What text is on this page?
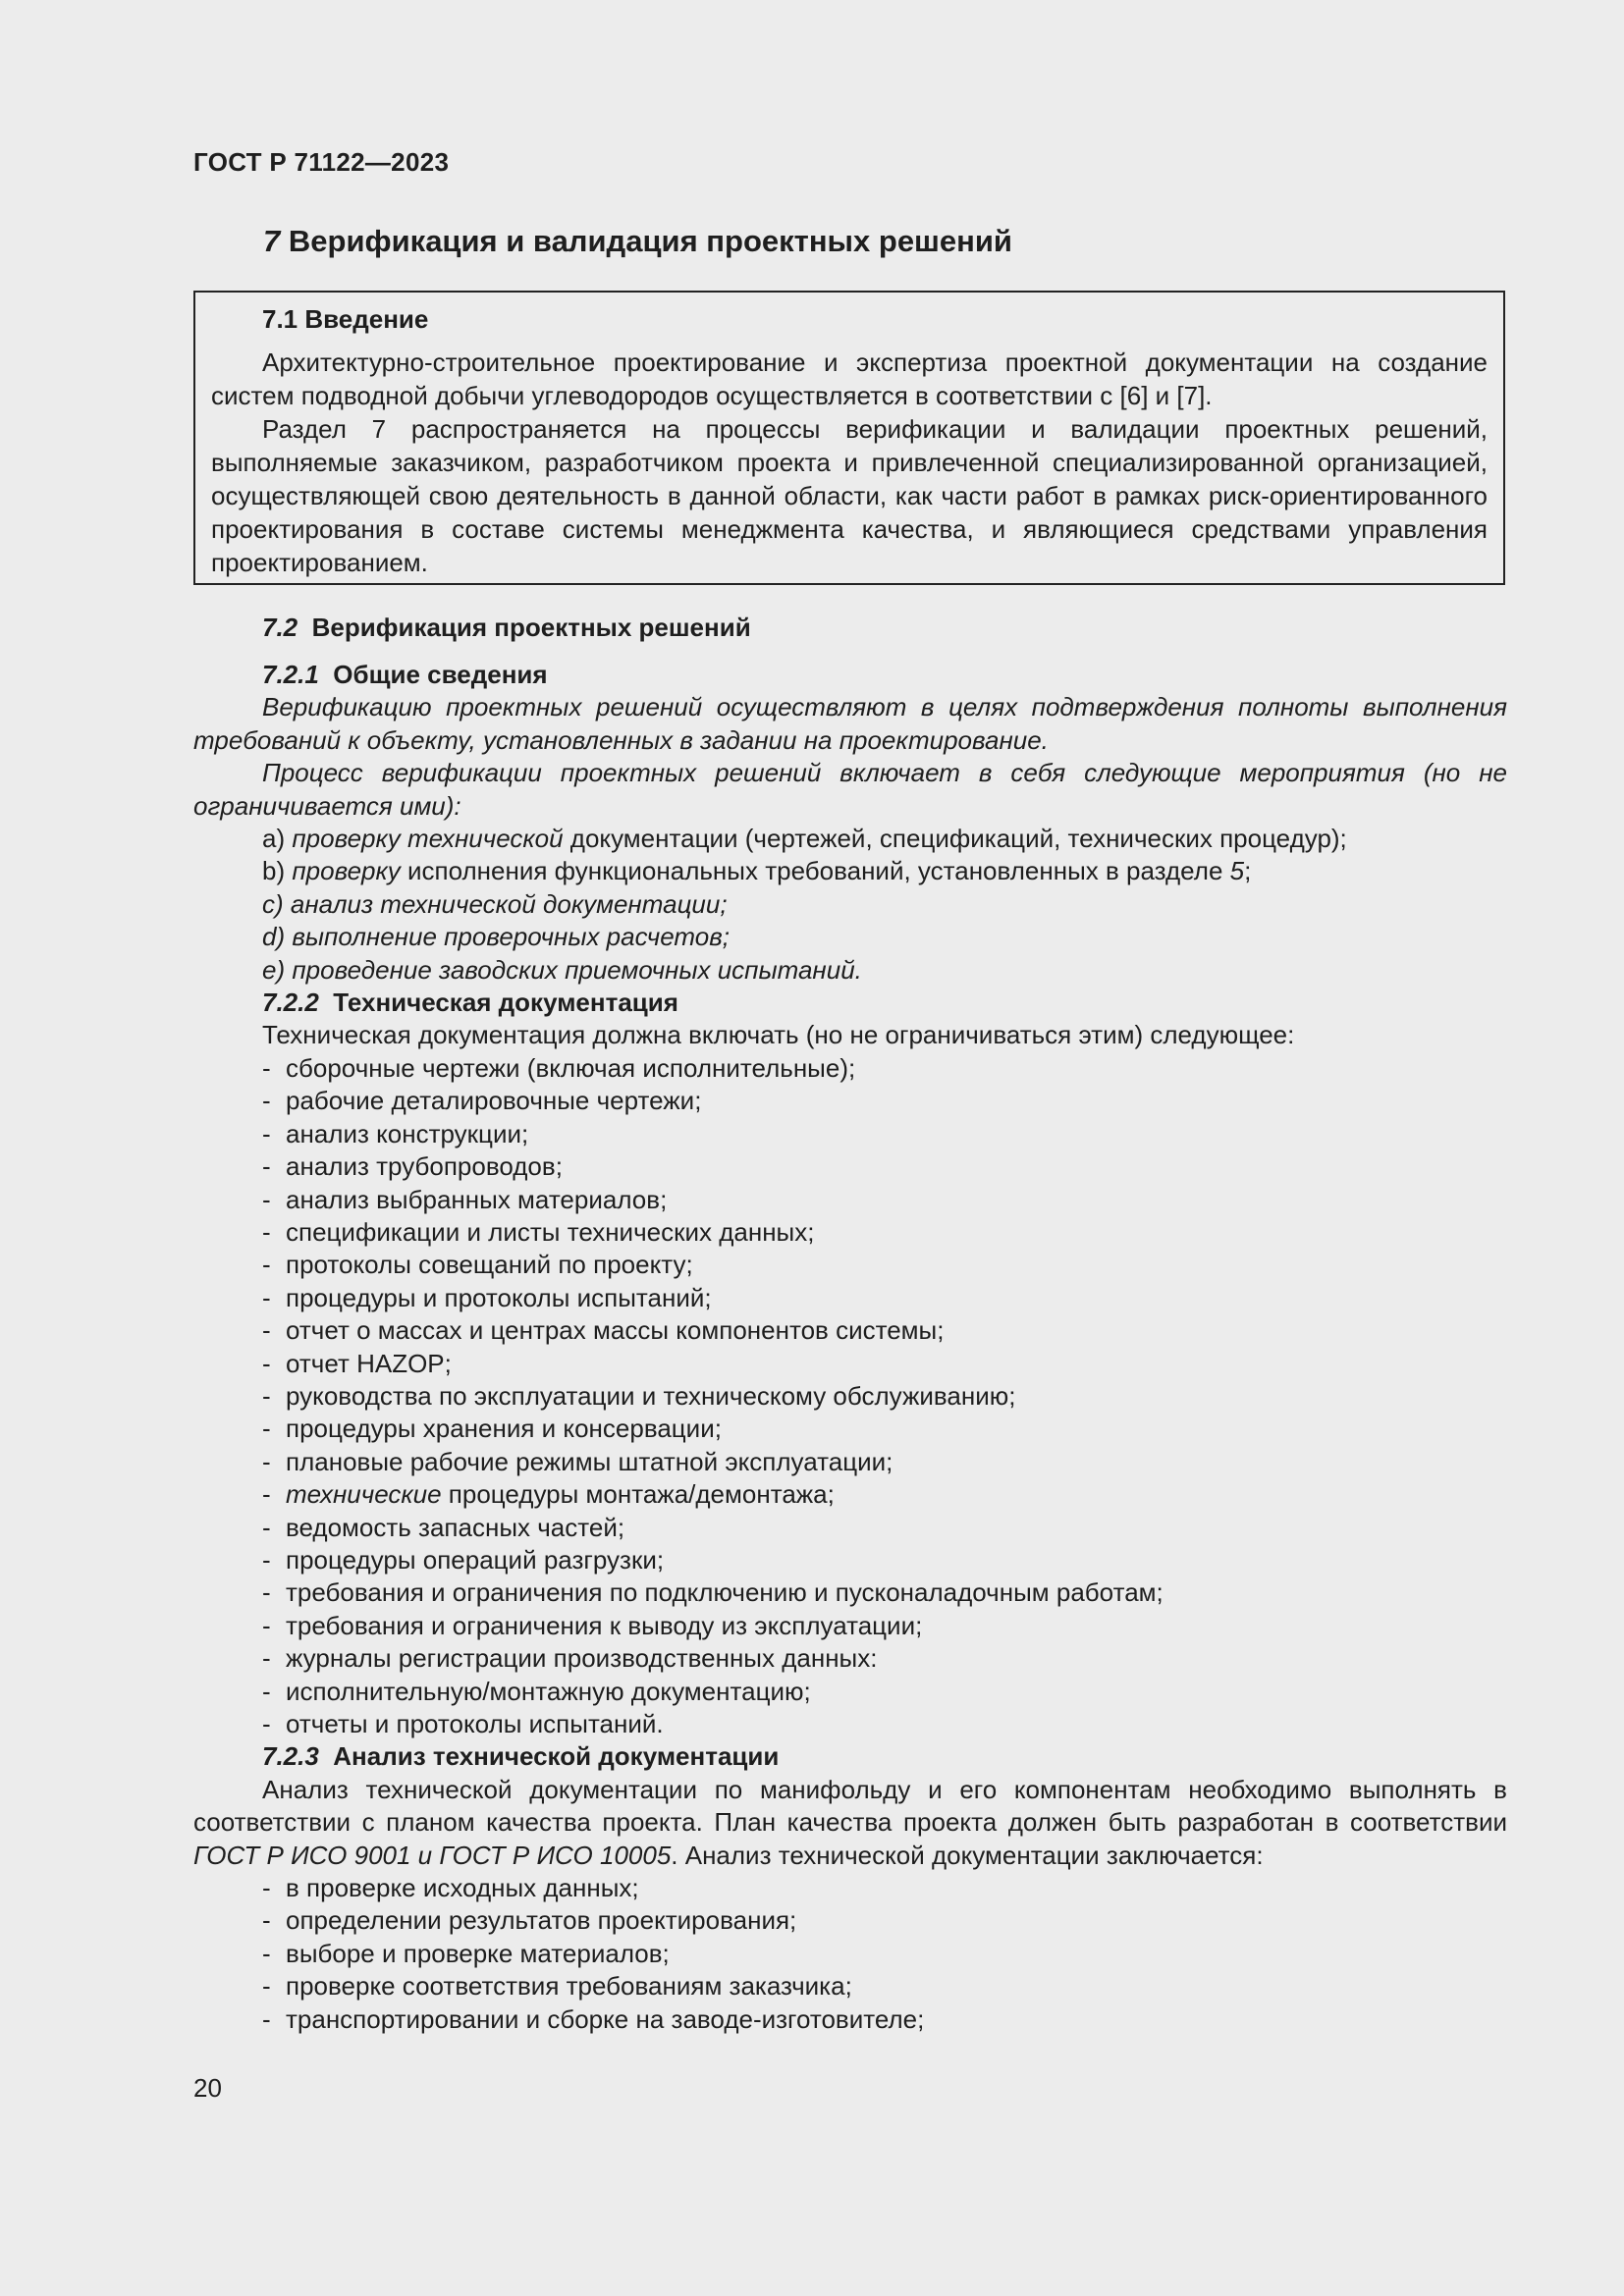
ГОСТ Р 71122—2023
7 Верификация и валидация проектных решений
7.1 Введение

Архитектурно-строительное проектирование и экспертиза проектной документации на создание систем подводной добычи углеводородов осуществляется в соответствии с [6] и [7].

Раздел 7 распространяется на процессы верификации и валидации проектных решений, выполняемые заказчиком, разработчиком проекта и привлеченной специализированной организацией, осуществляющей свою деятельность в данной области, как части работ в рамках риск-ориентированного проектирования в составе системы менеджмента качества, и являющиеся средствами управления проектированием.

7.2 Верификация проектных решений
7.2.1 Общие сведения

Верификацию проектных решений осуществляют в целях подтверждения полноты выполнения требований к объекту, установленных в задании на проектирование.

Процесс верификации проектных решений включает в себя следующие мероприятия (но не ограничивается ими):

а) проверку технической документации (чертежей, спецификаций, технических процедур);
b) проверку исполнения функциональных требований, установленных в разделе 5;
c) анализ технической документации;
d) выполнение проверочных расчетов;
e) проведение заводских приемочных испытаний.
7.2.2 Техническая документация
Техническая документация должна включать (но не ограничиваться этим) следующее:
- сборочные чертежи (включая исполнительные);
- рабочие деталировочные чертежи;
- анализ конструкции;
- анализ трубопроводов;
- анализ выбранных материалов;
- спецификации и листы технических данных;
- протоколы совещаний по проекту;
- процедуры и протоколы испытаний;
- отчет о массах и центрах массы компонентов системы;
- отчет HAZOP;
- руководства по эксплуатации и техническому обслуживанию;
- процедуры хранения и консервации;
- плановые рабочие режимы штатной эксплуатации;
- технические процедуры монтажа/демонтажа;
- ведомость запасных частей;
- процедуры операций разгрузки;
- требования и ограничения по подключению и пусконаладочным работам;
- требования и ограничения к выводу из эксплуатации;
- журналы регистрации производственных данных:
- исполнительную/монтажную документацию;
- отчеты и протоколы испытаний.
7.2.3 Анализ технической документации

Анализ технической документации по манифольду и его компонентам необходимо выполнять в соответствии с планом качества проекта. План качества проекта должен быть разработан в соответствии ГОСТ Р ИСО 9001 и ГОСТ Р ИСО 10005. Анализ технической документации заключается:

- в проверке исходных данных;
- определении результатов проектирования;
- выборе и проверке материалов;
- проверке соответствия требованиям заказчика;
- транспортировании и сборке на заводе-изготовителе;
20
